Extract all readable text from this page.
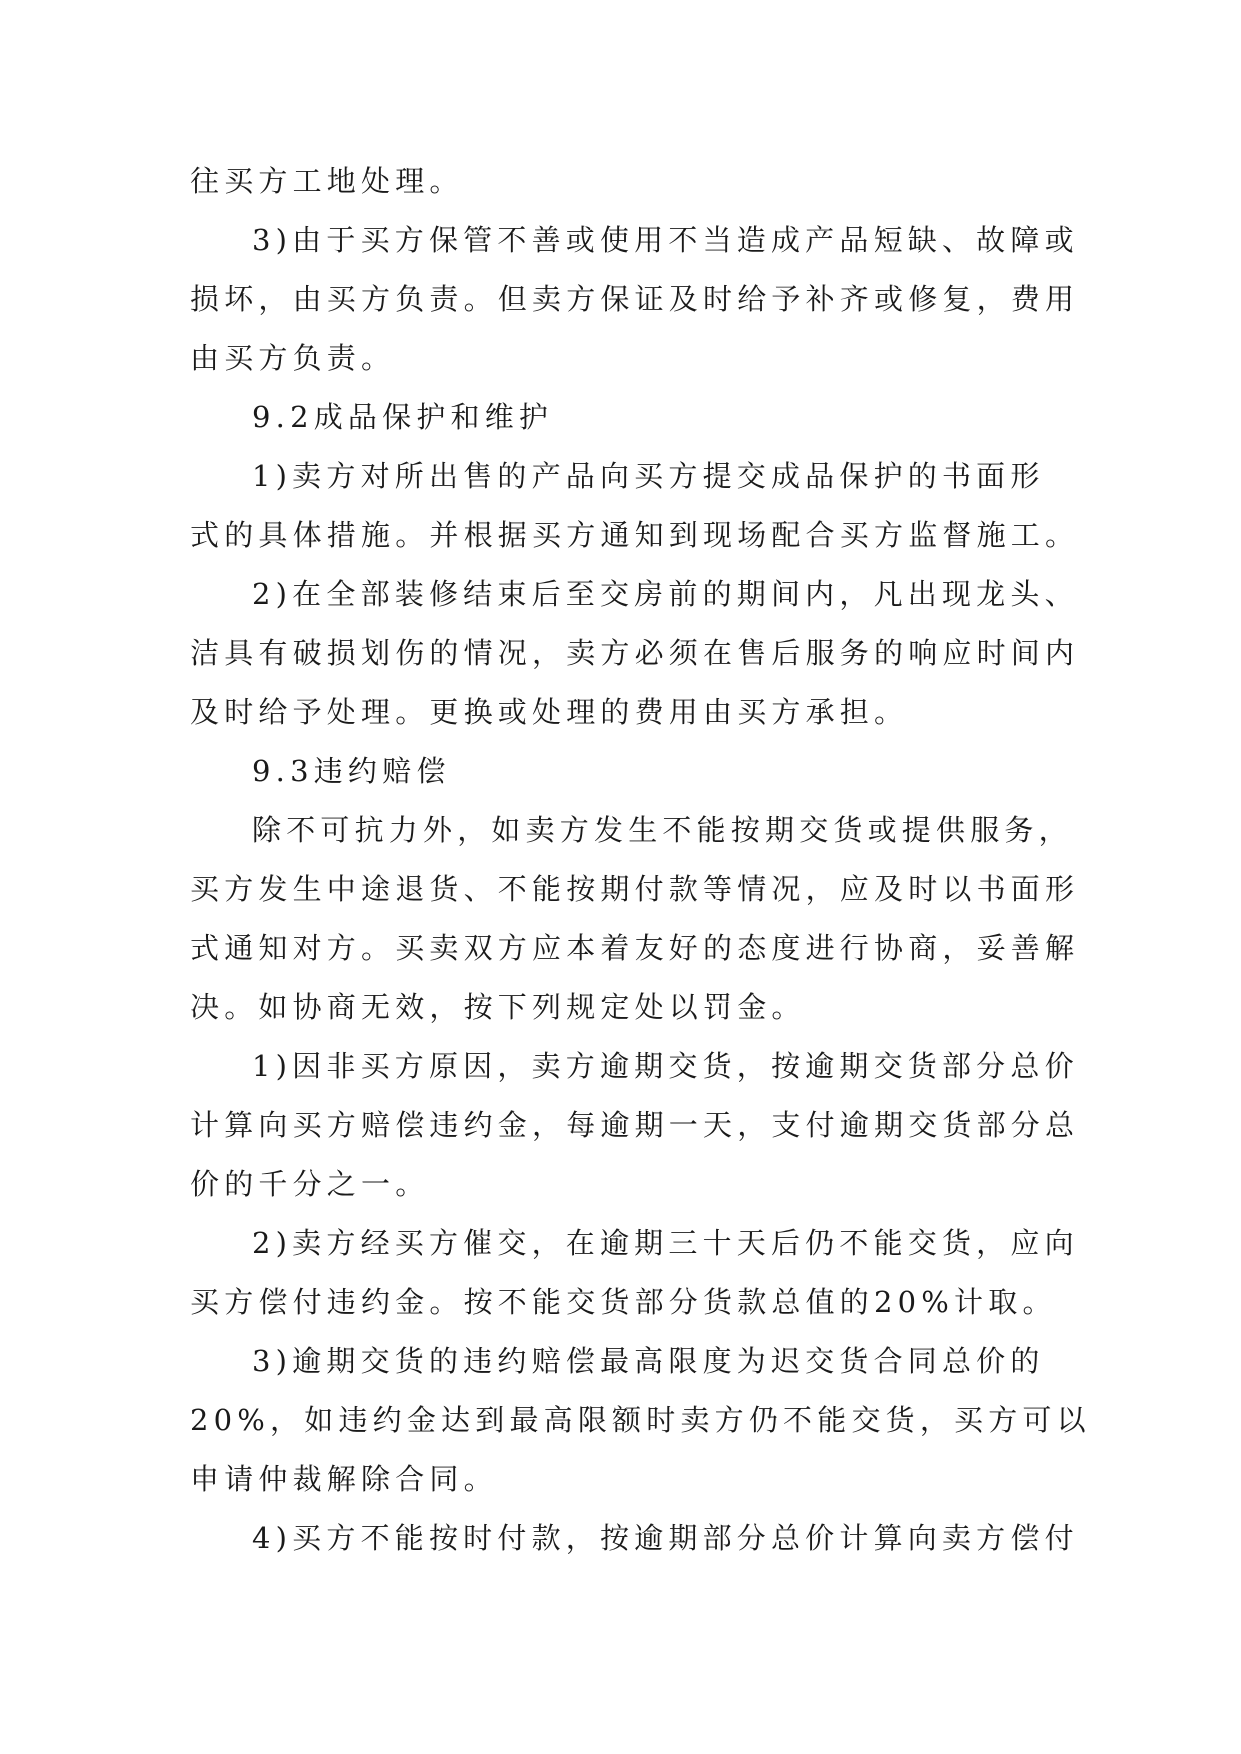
往买方工地处理。
3)由于买方保管不善或使用不当造成产品短缺、故障或
损坏，由买方负责。但卖方保证及时给予补齐或修复，费用
由买方负责。
9.2成品保护和维护
1)卖方对所出售的产品向买方提交成品保护的书面形
式的具体措施。并根据买方通知到现场配合买方监督施工。
2)在全部装修结束后至交房前的期间内，凡出现龙头、
洁具有破损划伤的情况，卖方必须在售后服务的响应时间内
及时给予处理。更换或处理的费用由买方承担。
9.3违约赔偿
除不可抗力外，如卖方发生不能按期交货或提供服务，
买方发生中途退货、不能按期付款等情况，应及时以书面形
式通知对方。买卖双方应本着友好的态度进行协商，妥善解
决。如协商无效，按下列规定处以罚金。
1)因非买方原因，卖方逾期交货，按逾期交货部分总价
计算向买方赔偿违约金，每逾期一天，支付逾期交货部分总
价的千分之一。
2)卖方经买方催交，在逾期三十天后仍不能交货，应向
买方偿付违约金。按不能交货部分货款总值的20%计取。
3)逾期交货的违约赔偿最高限度为迟交货合同总价的
20%，如违约金达到最高限额时卖方仍不能交货，买方可以
申请仲裁解除合同。
4)买方不能按时付款，按逾期部分总价计算向卖方偿付
